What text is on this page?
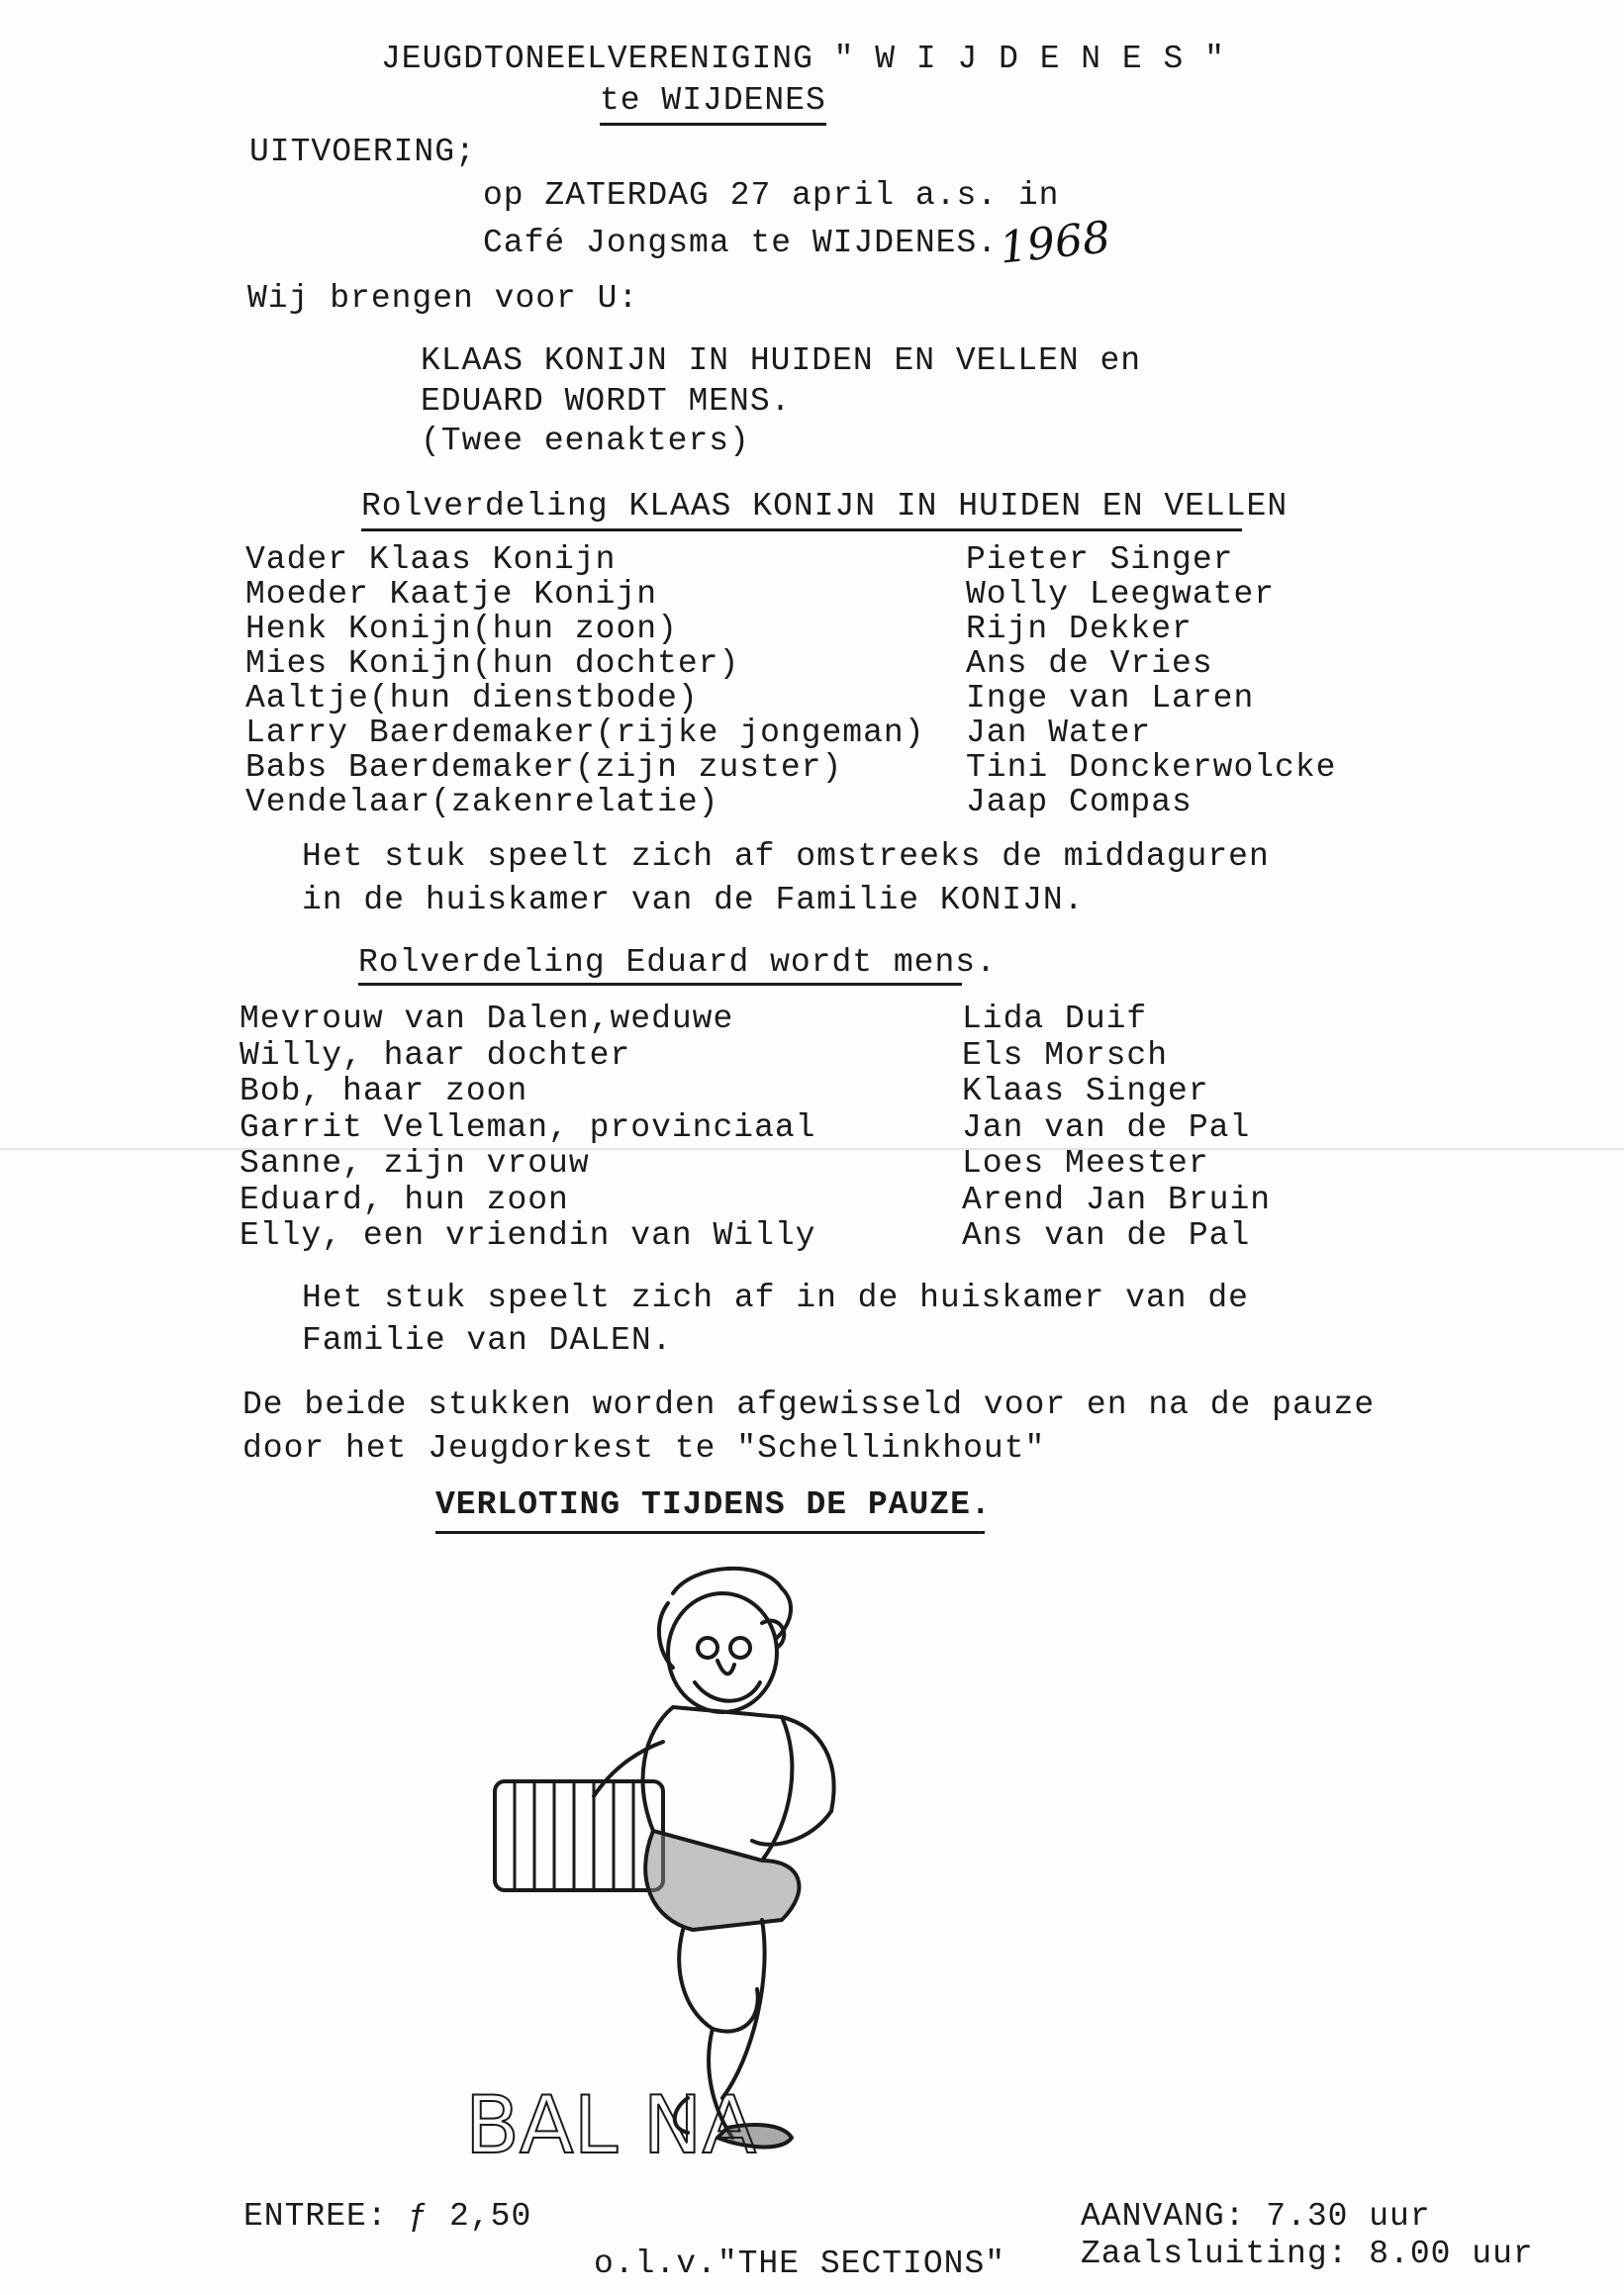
JEUGDTONEELVERENIGING " W I J D E N E S "
te WIJDENES
UITVOERING;
op ZATERDAG 27 april a.s. in
Café Jongsma te WIJDENES. 1968
Wij brengen voor U:
KLAAS KONIJN IN HUIDEN EN VELLEN en
EDUARD WORDT MENS.
(Twee eenakters)
Rolverdeling KLAAS KONIJN IN HUIDEN EN VELLEN
Vader Klaas Konijn	Pieter Singer
Moeder Kaatje Konijn	Wolly Leegwater
Henk Konijn(hun zoon)	Rijn Dekker
Mies Konijn(hun dochter)	Ans de Vries
Aaltje(hun dienstbode)	Inge van Laren
Larry Baerdemaker(rijke jongeman) Jan Water
Babs Baerdemaker(zijn zuster)	Tini Donckerwolcke
Vendelaar(zakenrelatie)	Jaap Compas
Het stuk speelt zich af omstreeks de middaguren
in de huiskamer van de Familie KONIJN.
Rolverdeling Eduard wordt mens.
Mevrouw van Dalen,weduwe	Lida Duif
Willy, haar dochter	Els Morsch
Bob, haar zoon	Klaas Singer
Garrit Velleman, provinciaal	Jan van de Pal
Sanne, zijn vrouw	Loes Meester
Eduard, hun zoon	Arend Jan Bruin
Elly, een vriendin van Willy	Ans van de Pal
Het stuk speelt zich af in de huiskamer van de
Familie van DALEN.
De beide stukken worden afgewisseld voor en na de pauze
door het Jeugdorkest te "Schellinkhout"
VERLOTING TIJDENS DE PAUZE.
BAL NA
ENTREE: ƒ 2,50
o.l.v."THE SECTIONS"
AANVANG: 7.30 uur
Zaalsluiting: 8.00 uur
